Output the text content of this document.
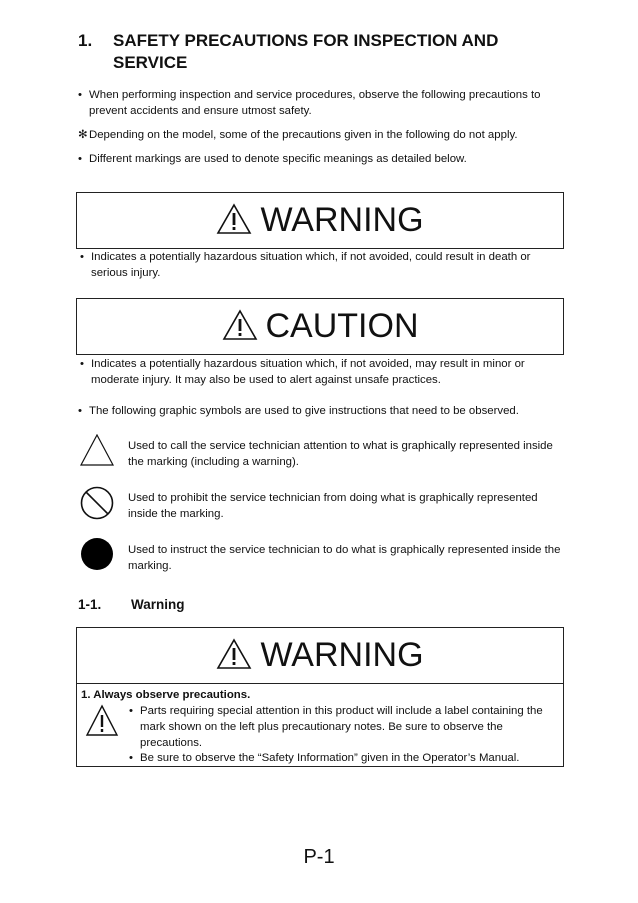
1. SAFETY PRECAUTIONS FOR INSPECTION AND SERVICE
• When performing inspection and service procedures, observe the following precautions to prevent accidents and ensure utmost safety.
✻ Depending on the model, some of the precautions given in the following do not apply.
• Different markings are used to denote specific meanings as detailed below.
WARNING
• Indicates a potentially hazardous situation which, if not avoided, could result in death or serious injury.
CAUTION
• Indicates a potentially hazardous situation which, if not avoided, may result in minor or moderate injury. It may also be used to alert against unsafe practices.
• The following graphic symbols are used to give instructions that need to be observed.
Used to call the service technician attention to what is graphically represented inside the marking (including a warning).
Used to prohibit the service technician from doing what is graphically represented inside the marking.
Used to instruct the service technician to do what is graphically represented inside the marking.
1-1. Warning
WARNING
1. Always observe precautions.
• Parts requiring special attention in this product will include a label containing the mark shown on the left plus precautionary notes. Be sure to observe the precautions.
• Be sure to observe the “Safety Information” given in the Operator’s Manual.
P-1
